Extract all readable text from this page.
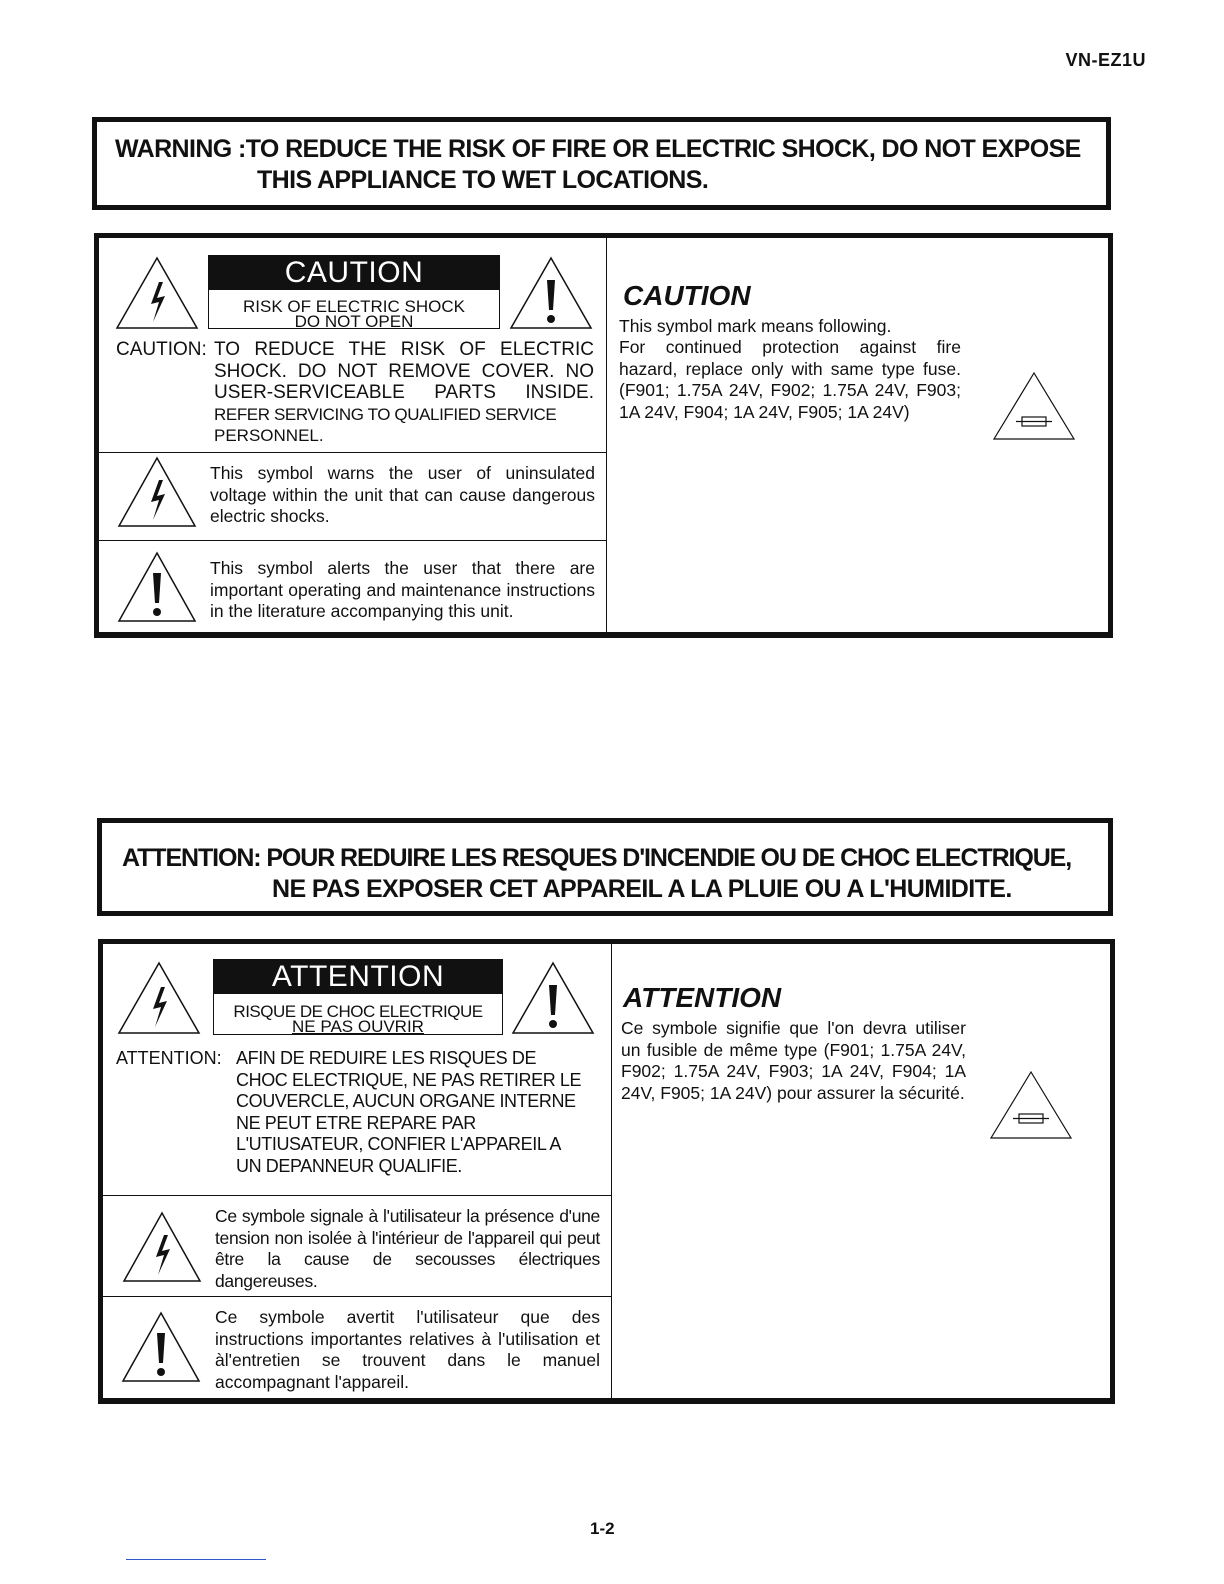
VN-EZ1U
WARNING :TO REDUCE THE RISK OF FIRE OR ELECTRIC SHOCK, DO NOT EXPOSE
THIS APPLIANCE TO WET LOCATIONS.
CAUTION
RISK OF ELECTRIC SHOCK
DO NOT OPEN
CAUTION: TO REDUCE THE RISK OF ELECTRIC
SHOCK. DO NOT REMOVE COVER. NO
USER-SERVICEABLE PARTS INSIDE.
REFER SERVICING TO QUALIFIED SERVICE
PERSONNEL.
This symbol warns the user of uninsulated voltage within the unit that can cause dangerous electric shocks.
This symbol alerts the user that there are important operating and maintenance instructions in the literature accompanying this unit.
CAUTION
This symbol mark means following.
For continued protection against fire hazard, replace only with same type fuse. (F901; 1.75A 24V, F902; 1.75A 24V, F903; 1A 24V, F904; 1A 24V, F905; 1A 24V)
ATTENTION: POUR REDUIRE LES RESQUES D'INCENDIE OU DE CHOC ELECTRIQUE,
NE PAS EXPOSER CET APPAREIL A LA PLUIE OU A L'HUMIDITE.
ATTENTION
RISQUE DE CHOC ELECTRIQUE
NE PAS OUVRIR
ATTENTION: AFIN DE REDUIRE LES RISQUES DE
CHOC ELECTRIQUE, NE PAS RETIRER LE
COUVERCLE, AUCUN ORGANE INTERNE
NE PEUT ETRE REPARE PAR
L'UTIUSATEUR, CONFIER L'APPAREIL A
UN DEPANNEUR QUALIFIE.
Ce symbole signale à l'utilisateur la présence d'une tension non isolée à l'intérieur de l'appareil qui peut être la cause de secousses électriques dangereuses.
Ce symbole avertit l'utilisateur que des instructions importantes relatives à l'utilisation et àl'entretien se trouvent dans le manuel accompagnant l'appareil.
ATTENTION
Ce symbole signifie que l'on devra utiliser un fusible de même type (F901; 1.75A 24V, F902; 1.75A 24V, F903; 1A 24V, F904; 1A 24V, F905; 1A 24V) pour assurer la sécurité.
1-2
